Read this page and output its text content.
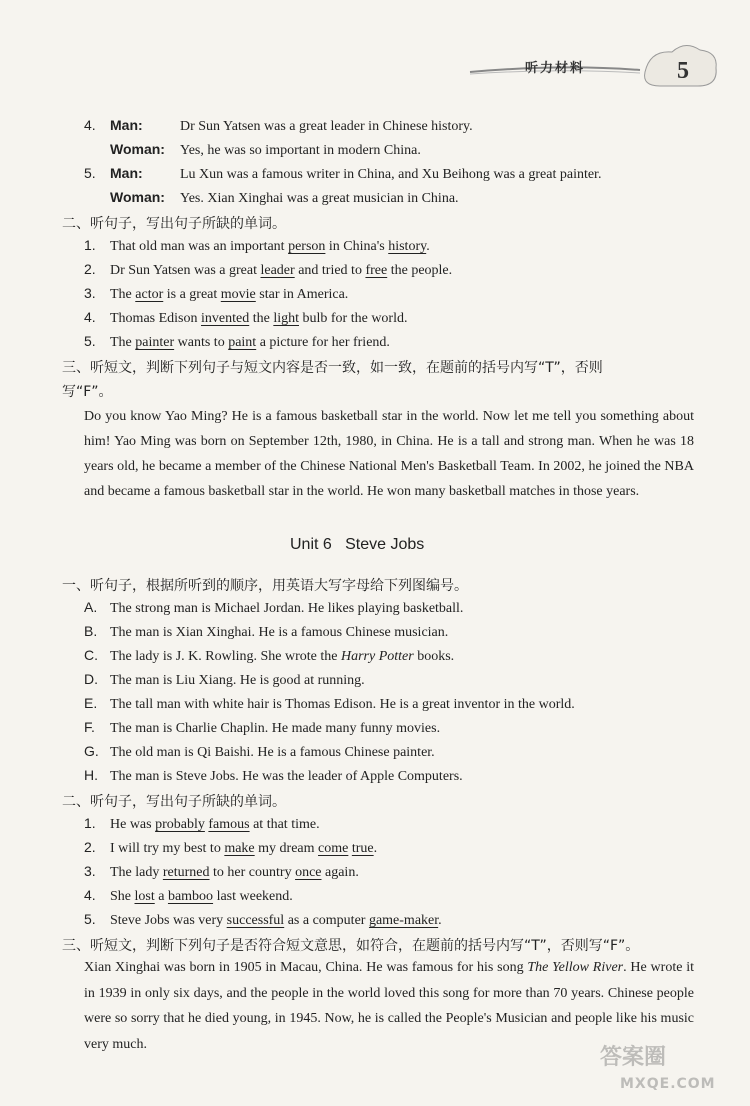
听力材料	5
4. Man:	Dr Sun Yatsen was a great leader in Chinese history.
Woman: Yes, he was so important in modern China.
5. Man:	Lu Xun was a famous writer in China, and Xu Beihong was a great painter.
Woman: Yes. Xian Xinghai was a great musician in China.
二、听句子，写出句子所缺的单词。
1. That old man was an important person in China's history.
2. Dr Sun Yatsen was a great leader and tried to free the people.
3. The actor is a great movie star in America.
4. Thomas Edison invented the light bulb for the world.
5. The painter wants to paint a picture for her friend.
三、听短文，判断下列句子与短文内容是否一致，如一致，在题前的括号内写“T”，否则
写“F”。
Do you know Yao Ming? He is a famous basketball star in the world. Now let me tell you something about him! Yao Ming was born on September 12th, 1980, in China. He is a tall and strong man. When he was 18 years old, he became a member of the Chinese National Men's Basketball Team. In 2002, he joined the NBA and became a famous basketball star in the world. He won many basketball matches in those years.
Unit 6   Steve Jobs
一、听句子，根据所听到的顺序，用英语大写字母给下列图编号。
A. The strong man is Michael Jordan. He likes playing basketball.
B. The man is Xian Xinghai. He is a famous Chinese musician.
C. The lady is J. K. Rowling. She wrote the Harry Potter books.
D. The man is Liu Xiang. He is good at running.
E. The tall man with white hair is Thomas Edison. He is a great inventor in the world.
F. The man is Charlie Chaplin. He made many funny movies.
G. The old man is Qi Baishi. He is a famous Chinese painter.
H. The man is Steve Jobs. He was the leader of Apple Computers.
二、听句子，写出句子所缺的单词。
1. He was probably famous at that time.
2. I will try my best to make my dream come true.
3. The lady returned to her country once again.
4. She lost a bamboo last weekend.
5. Steve Jobs was very successful as a computer game-maker.
三、听短文，判断下列句子是否符合短文意思，如符合，在题前的括号内写“T”，否则写“F”。
Xian Xinghai was born in 1905 in Macau, China. He was famous for his song The Yellow River. He wrote it in 1939 in only six days, and the people in the world loved this song for more than 70 years. Chinese people were so sorry that he died young, in 1945. Now, he is called the People's Musician and people like his music very much.
答案圈
MXQE.COM
